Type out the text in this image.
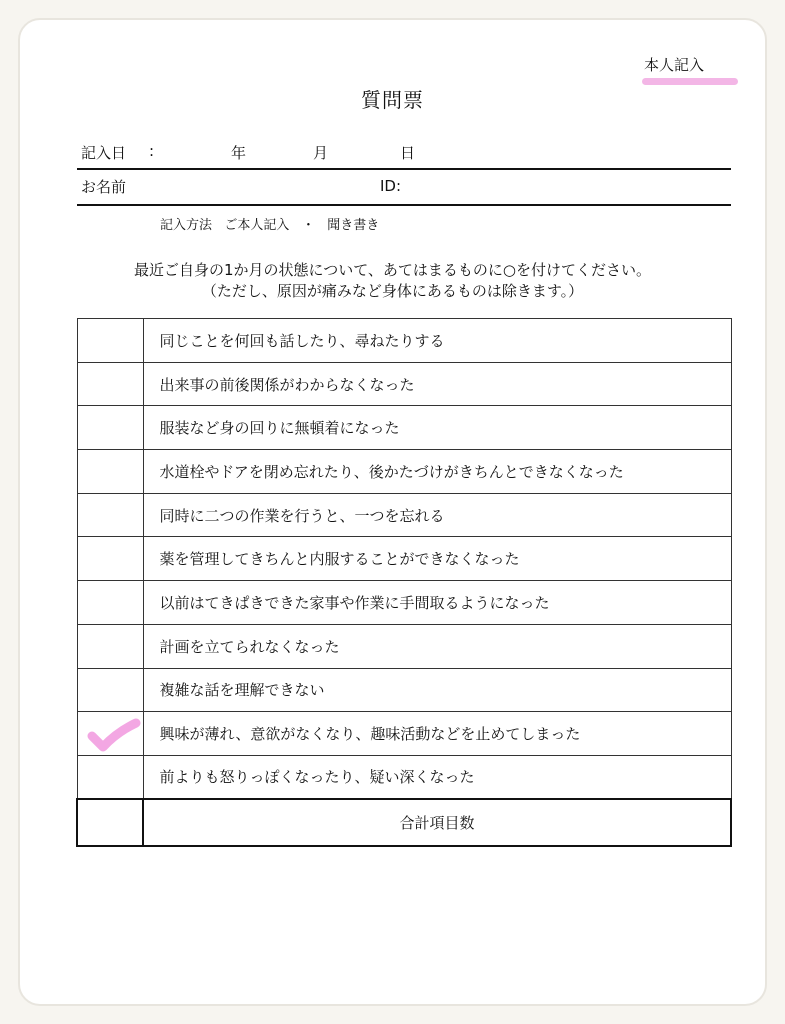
本人記入
質問票
記入日 :	年	月	日
お名前	ID:
記入方法 ご本人記入 ・ 聞き書き
最近ご自身の1か月の状態について、あてはまるものに○を付けてください。
（ただし、原因が痛みなど身体にあるものは除きます。）
	同じことを何回も話したり、尋ねたりする
	出来事の前後関係がわからなくなった
	服装など身の回りに無頓着になった
	水道栓やドアを閉め忘れたり、後かたづけがきちんとできなくなった
	同時に二つの作業を行うと、一つを忘れる
	薬を管理してきちんと内服することができなくなった
	以前はてきぱきできた家事や作業に手間取るようになった
	計画を立てられなくなった
	複雑な話を理解できない

	興味が薄れ、意欲がなくなり、趣味活動などを止めてしまった
	前よりも怒りっぽくなったり、疑い深くなった
	合計項目数
